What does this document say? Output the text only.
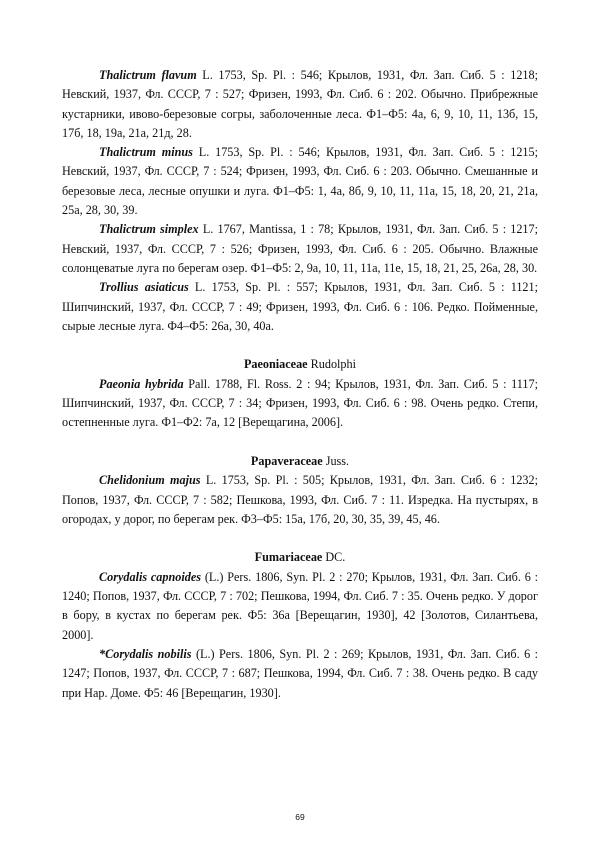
Thalictrum flavum L. 1753, Sp. Pl. : 546; Крылов, 1931, Фл. Зап. Сиб. 5 : 1218; Невский, 1937, Фл. СССР, 7 : 527; Фризен, 1993, Фл. Сиб. 6 : 202. Обычно. Прибрежные кустарники, ивово-березовые согры, заболоченные леса. Ф1–Ф5: 4а, 6, 9, 10, 11, 13б, 15, 17б, 18, 19а, 21а, 21д, 28.

Thalictrum minus L. 1753, Sp. Pl. : 546; Крылов, 1931, Фл. Зап. Сиб. 5 : 1215; Невский, 1937, Фл. СССР, 7 : 524; Фризен, 1993, Фл. Сиб. 6 : 203. Обычно. Смешанные и березовые леса, лесные опушки и луга. Ф1–Ф5: 1, 4а, 8б, 9, 10, 11, 11а, 15, 18, 20, 21, 21а, 25а, 28, 30, 39.

Thalictrum simplex L. 1767, Mantissa, 1 : 78; Крылов, 1931, Фл. Зап. Сиб. 5 : 1217; Невский, 1937, Фл. СССР, 7 : 526; Фризен, 1993, Фл. Сиб. 6 : 205. Обычно. Влажные солонцеватые луга по берегам озер. Ф1–Ф5: 2, 9а, 10, 11, 11а, 11е, 15, 18, 21, 25, 26а, 28, 30.

Trollius asiaticus L. 1753, Sp. Pl. : 557; Крылов, 1931, Фл. Зап. Сиб. 5 : 1121; Шипчинский, 1937, Фл. СССР, 7 : 49; Фризен, 1993, Фл. Сиб. 6 : 106. Редко. Пойменные, сырые лесные луга. Ф4–Ф5: 26а, 30, 40а.

Paeoniaceae Rudolphi

Paeonia hybrida Pall. 1788, Fl. Ross. 2 : 94; Крылов, 1931, Фл. Зап. Сиб. 5 : 1117; Шипчинский, 1937, Фл. СССР, 7 : 34; Фризен, 1993, Фл. Сиб. 6 : 98. Очень редко. Степи, остепненные луга. Ф1–Ф2: 7а, 12 [Верещагина, 2006].

Papaveraceae Juss.

Chelidonium majus L. 1753, Sp. Pl. : 505; Крылов, 1931, Фл. Зап. Сиб. 6 : 1232; Попов, 1937, Фл. СССР, 7 : 582; Пешкова, 1993, Фл. Сиб. 7 : 11. Изредка. На пустырях, в огородах, у дорог, по берегам рек. Ф3–Ф5: 15а, 17б, 20, 30, 35, 39, 45, 46.

Fumariaceae DC.

Corydalis capnoides (L.) Pers. 1806, Syn. Pl. 2 : 270; Крылов, 1931, Фл. Зап. Сиб. 6 : 1240; Попов, 1937, Фл. СССР, 7 : 702; Пешкова, 1994, Фл. Сиб. 7 : 35. Очень редко. У дорог в бору, в кустах по берегам рек. Ф5: 36а [Верещагин, 1930], 42 [Золотов, Силантьева, 2000].

*Corydalis nobilis (L.) Pers. 1806, Syn. Pl. 2 : 269; Крылов, 1931, Фл. Зап. Сиб. 6 : 1247; Попов, 1937, Фл. СССР, 7 : 687; Пешкова, 1994, Фл. Сиб. 7 : 38. Очень редко. В саду при Нар. Доме. Ф5: 46 [Верещагин, 1930].

69
